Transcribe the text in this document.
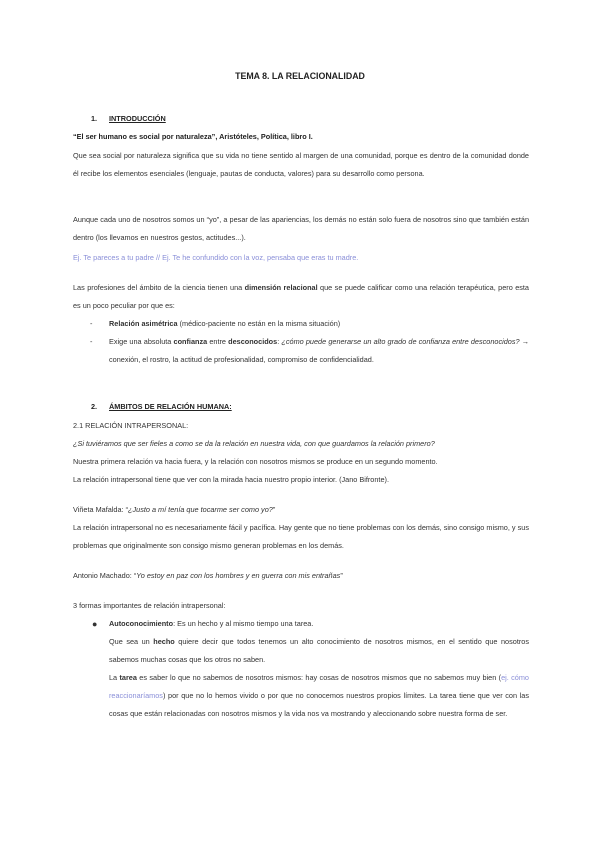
TEMA 8. LA RELACIONALIDAD
1. INTRODUCCIÓN
“El ser humano es social por naturaleza”, Aristóteles, Política, libro I.
Que sea social por naturaleza significa que su vida no tiene sentido al margen de una comunidad, porque es dentro de la comunidad donde él recibe los elementos esenciales (lenguaje, pautas de conducta, valores) para su desarrollo como persona.
Aunque cada uno de nosotros somos un “yo”, a pesar de las apariencias, los demás no están solo fuera de nosotros sino que también están dentro (los llevamos en nuestros gestos, actitudes...).
Ej. Te pareces a tu padre // Ej. Te he confundido con la voz, pensaba que eras tu madre.
Las profesiones del ámbito de la ciencia tienen una dimensión relacional que se puede calificar como una relación terapéutica, pero esta es un poco peculiar por que es:
- Relación asimétrica (médico-paciente no están en la misma situación)
- Exige una absoluta confianza entre desconocidos: ¿cómo puede generarse un alto grado de confianza entre desconocidos? → conexión, el rostro, la actitud de profesionalidad, compromiso de confidencialidad.
2. ÁMBITOS DE RELACIÓN HUMANA:
2.1 RELACIÓN INTRAPERSONAL:
¿Si tuviéramos que ser fieles a como se da la relación en nuestra vida, con que guardamos la relación primero?
Nuestra primera relación va hacia fuera, y la relación con nosotros mismos se produce en un segundo momento.
La relación intrapersonal tiene que ver con la mirada hacia nuestro propio interior. (Jano Bifronte).
Viñeta Mafalda: “¿Justo a mí tenía que tocarme ser como yo?”
La relación intrapersonal no es necesariamente fácil y pacífica. Hay gente que no tiene problemas con los demás, sino consigo mismo, y sus problemas que originalmente son consigo mismo generan problemas en los demás.
Antonio Machado: “Yo estoy en paz con los hombres y en guerra con mis entrañas”
3 formas importantes de relación intrapersonal:
● Autoconocimiento: Es un hecho y al mismo tiempo una tarea.
Que sea un hecho quiere decir que todos tenemos un alto conocimiento de nosotros mismos, en el sentido que nosotros sabemos muchas cosas que los otros no saben.
La tarea es saber lo que no sabemos de nosotros mismos: hay cosas de nosotros mismos que no sabemos muy bien (ej. cómo reaccionaríamos) por que no lo hemos vivido o por que no conocemos nuestros propios límites. La tarea tiene que ver con las cosas que están relacionadas con nosotros mismos y la vida nos va mostrando y aleccionando sobre nuestra forma de ser.
